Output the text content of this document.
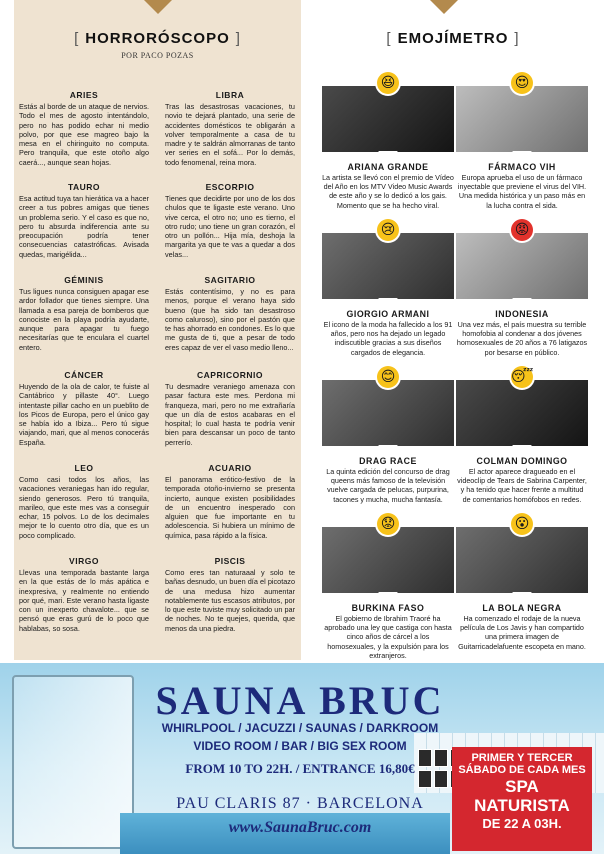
[ HORRORÓSCOPO ]
POR PACO POZAS
[ EMOJÍMETRO ]
ARIES

Estás al borde de un ataque de nervios. Todo el mes de agosto intentándolo, pero no has podido echar ni medio polvo, por que ese magreo bajo la mesa en el chiringuito no computa. Pero tranquila, que este otoño algo caerá..., aunque sean hojas.

TAURO

Esa actitud tuya tan hierática va a hacer creer a tus pobres amigas que tienes un problema serio. Y el caso es que no, pero tu absurda indiferencia ante su preocupación podría tener consecuencias catastróficas. Avisada quedas, marigélida...

GÉMINIS

Tus ligues nunca consiguen apagar ese ardor follador que tienes siempre. Una llamada a esa pareja de bomberos que conociste en la playa podría ayudarte, aunque para apagar tu fuego necesitarías que te encularа el cuartel entero.

CÁNCER

Huyendo de la ola de calor, te fuiste al Cantábrico y pillaste 40°. Luego intentaste pillar cacho en un pueblito de los Picos de Europa, pero el único gay se había ido a Ibiza... Pero tú sigue viajando, mari, que al menos conocerás España.

LEO

Como casi todos los años, las vacaciones veraniegas han ido regular, siendo generosos. Pero tú tranquila, marileo, que este mes vas a conseguir echar, 15 polvos. Lo de los decimales mejor te lo cuento otro día, que es un poco complicado.

VIRGO

Llevas una temporada bastante larga en la que estás de lo más apática e inexpresiva, y realmente no entiendo por qué, mari. Este verano hasta ligaste con un inexperto chavalote... que se pensó que eras gurú de lo poco que hablabas, so sosa.

LIBRA

Tras las desastrosas vacaciones, tu novio te dejará plantado, una serie de accidentes domésticos te obligarán a volver temporalmente a casa de tu madre y te saldrán almorranas de tanto ver series en el sofá... Por lo demás, todo fenomenal, reina mora.

ESCORPIO

Tienes que decidirte por uno de los dos chulos que te ligaste este verano. Uno vive cerca, el otro no; uno es tierno, el otro rudo; uno tiene un gran corazón, el otro un pollón... Hija mía, deshoja la margarita ya que te vas a quedar a dos velas...

SAGITARIO

Estás contentísimo, y no es para menos, porque el verano haya sido bueno (que ha sido tan desastroso como caluroso), sino por el pastón que te has ahorrado en condones. Es lo que me gusta de ti, que a pesar de todo eres capaz de ver el vaso medio lleno...

CAPRICORNIO

Tu desmadre veraniego amenaza con pasar factura este mes. Perdona mi franqueza, mari, pero no me extrañaría que un día de estos acabaras en el hospital; lo cual hasta te podría venir bien para descansar un poco de tanto perrerío.

ACUARIO

El panorama erótico-festivo de la temporada otoño-invierno se presenta incierto, aunque existen posibilidades de un encuentro inesperado con alguien que fue importante en tu adolescencia. Si hubiera un mínimo de química, pasa rápido a la física.

PISCIS

Como eres tan naturaaal y solo te bañas desnudo, un buen día el picotazo de una medusa hizo aumentar notablemente tus escasos atributos, por lo que este tuviste muy solicitado un par de noches. No te quejes, querida, que menos da una piedra.

😆
ARIANA GRANDE

La artista se llevó con el premio de Vídeo del Año en los MTV Video Music Awards de este año y se lo dedicó a los gais. Momento que se ha hecho viral.

😍
FÁRMACO VIH

Europa aprueba el uso de un fármaco inyectable que previene el virus del VIH. Una medida histórica y un paso más en la lucha contra el sida.

😢
GIORGIO ARMANI

El icono de la moda ha fallecido a los 91 años, pero nos ha dejado un legado indiscutible gracias a sus diseños cargados de elegancia.

😡
INDONESIA

Una vez más, el país muestra su terrible homofobia al condenar a dos jóvenes homosexuales de 20 años a 76 latigazos por besarse en público.

😊
DRAG RACE

La quinta edición del concurso de drag queens más famoso de la televisión vuelve cargada de pelucas, purpurina, tacones y mucha, mucha fantasía.

😴
COLMAN DOMINGO

El actor aparece dragueado en el videoclip de Tears de Sabrina Carpenter, y ha tenido que hacer frente a multitud de comentarios homófobos en redes.

😟
BURKINA FASO

El gobierno de Ibrahim Traoré ha aprobado una ley que castiga con hasta cinco años de cárcel a los homosexuales, y la expulsión para los extranjeros.

😮
LA BOLA NEGRA

Ha comenzado el rodaje de la nueva película de Los Javis y han compartido una primera imagen de Guitarricadelafuente escopeta en mano.

SAUNA BRUC
WHIRLPOOL / JACUZZI / SAUNAS / DARKROOM
VIDEO ROOM / BAR / BIG SEX ROOM
FROM 10 TO 22H. / ENTRANCE 16,80€
PAU CLARIS 87 · BARCELONA
www.SaunaBruc.com
PRIMER Y TERCER
SÁBADO DE CADA MES
SPA
NATURISTA
DE 22 A 03H.
